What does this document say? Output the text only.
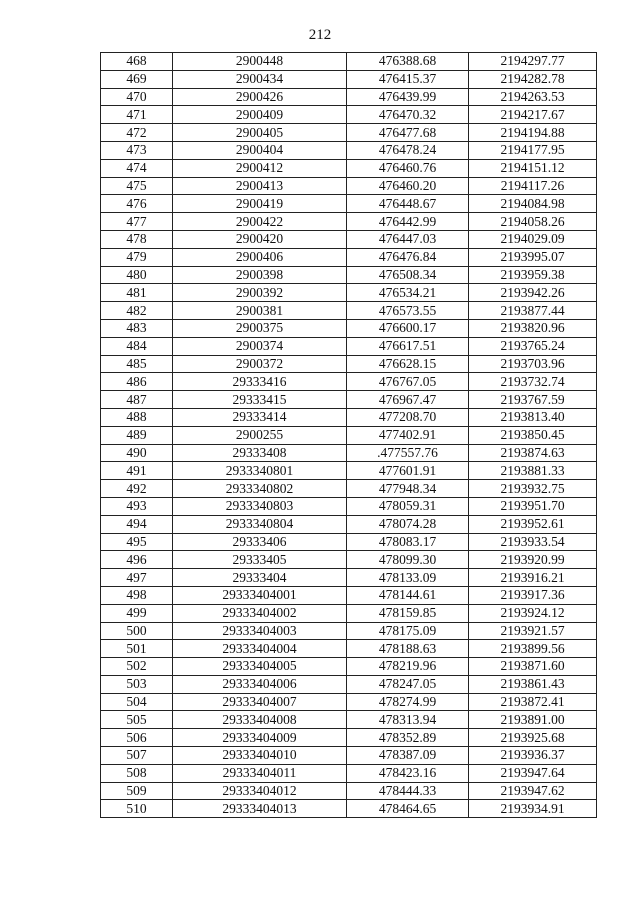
212
468	2900448	476388.68	2194297.77
469	2900434	476415.37	2194282.78
470	2900426	476439.99	2194263.53
471	2900409	476470.32	2194217.67
472	2900405	476477.68	2194194.88
473	2900404	476478.24	2194177.95
474	2900412	476460.76	2194151.12
475	2900413	476460.20	2194117.26
476	2900419	476448.67	2194084.98
477	2900422	476442.99	2194058.26
478	2900420	476447.03	2194029.09
479	2900406	476476.84	2193995.07
480	2900398	476508.34	2193959.38
481	2900392	476534.21	2193942.26
482	2900381	476573.55	2193877.44
483	2900375	476600.17	2193820.96
484	2900374	476617.51	2193765.24
485	2900372	476628.15	2193703.96
486	29333416	476767.05	2193732.74
487	29333415	476967.47	2193767.59
488	29333414	477208.70	2193813.40
489	2900255	477402.91	2193850.45
490	29333408	.477557.76	2193874.63
491	2933340801	477601.91	2193881.33
492	2933340802	477948.34	2193932.75
493	2933340803	478059.31	2193951.70
494	2933340804	478074.28	2193952.61
495	29333406	478083.17	2193933.54
496	29333405	478099.30	2193920.99
497	29333404	478133.09	2193916.21
498	29333404001	478144.61	2193917.36
499	29333404002	478159.85	2193924.12
500	29333404003	478175.09	2193921.57
501	29333404004	478188.63	2193899.56
502	29333404005	478219.96	2193871.60
503	29333404006	478247.05	2193861.43
504	29333404007	478274.99	2193872.41
505	29333404008	478313.94	2193891.00
506	29333404009	478352.89	2193925.68
507	29333404010	478387.09	2193936.37
508	29333404011	478423.16	2193947.64
509	29333404012	478444.33	2193947.62
510	29333404013	478464.65	2193934.91
